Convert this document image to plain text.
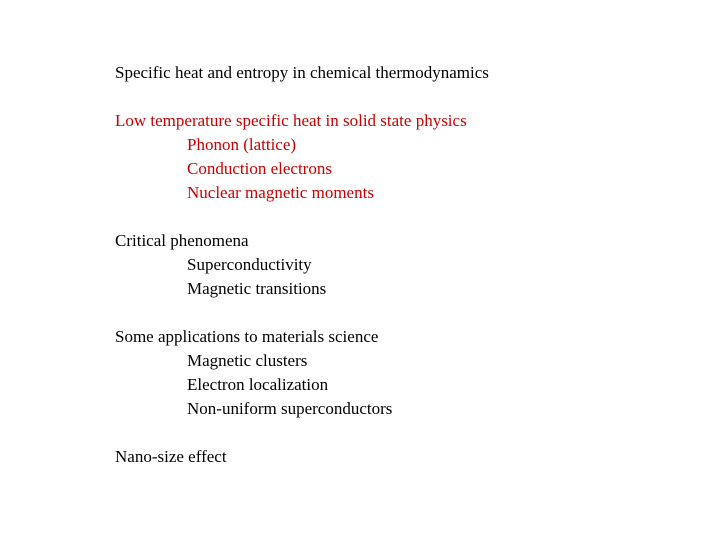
Specific heat and entropy in chemical thermodynamics
Low temperature specific heat in solid state physics
Phonon (lattice)
Conduction electrons
Nuclear magnetic moments
Critical phenomena
Superconductivity
Magnetic transitions
Some applications to materials science
Magnetic clusters
Electron localization
Non-uniform superconductors
Nano-size effect
